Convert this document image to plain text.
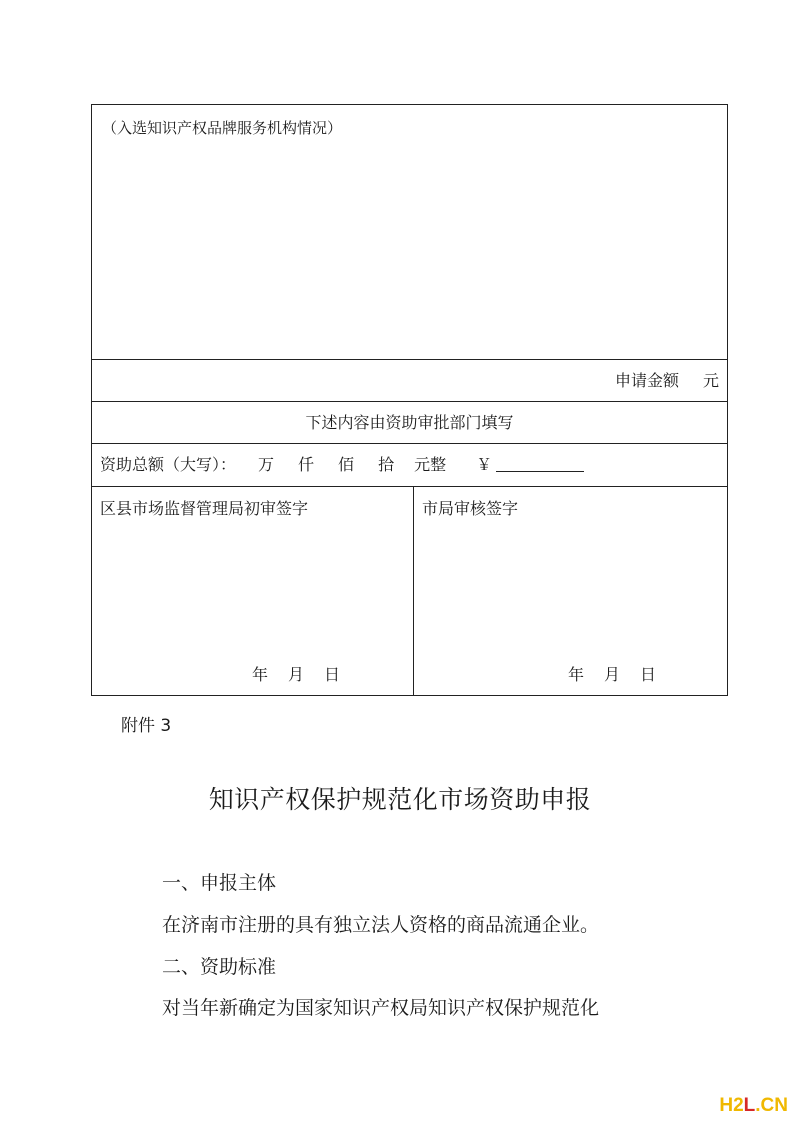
（入选知识产权品牌服务机构情况）
申请金额 元
下述内容由资助审批部门填写
资助总额（大写）： 万 仟 佰 拾 元整 ￥
区县市场监督管理局初审签字	市局审核签字
年 月 日	年 月 日
附件 3
知识产权保护规范化市场资助申报
一、申报主体
在济南市注册的具有独立法人资格的商品流通企业。
二、资助标准
对当年新确定为国家知识产权局知识产权保护规范化
H2L.CN
